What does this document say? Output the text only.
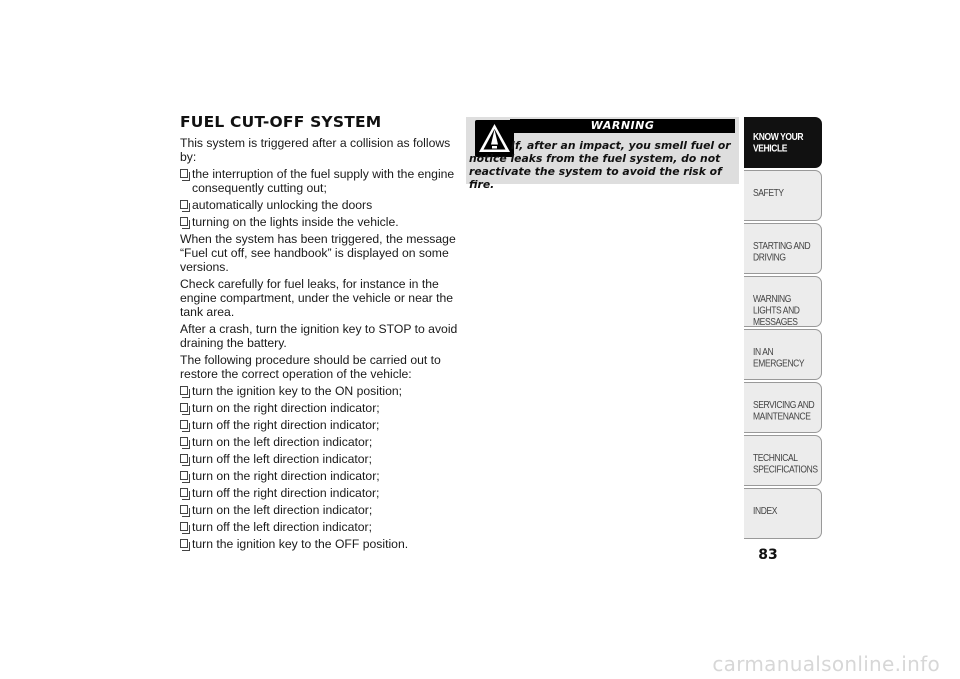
FUEL CUT-OFF SYSTEM

This system is triggered after a collision as follows by:

the interruption of the fuel supply with the engine consequently cutting out;
automatically unlocking the doors
turning on the lights inside the vehicle.

When the system has been triggered, the message “Fuel cut off, see handbook” is displayed on some versions.

Check carefully for fuel leaks, for instance in the engine compartment, under the vehicle or near the tank area.

After a crash, turn the ignition key to STOP to avoid draining the battery.

The following procedure should be carried out to restore the correct operation of the vehicle:

turn the ignition key to the ON position;
turn on the right direction indicator;
turn off the right direction indicator;
turn on the left direction indicator;
turn off the left direction indicator;
turn on the right direction indicator;
turn off the right direction indicator;
turn on the left direction indicator;
turn off the left direction indicator;
turn the ignition key to the OFF position.
WARNING
If, after an impact, you smell fuel or notice leaks from the fuel system, do not reactivate the system to avoid the risk of fire.
KNOW YOUR VEHICLE
SAFETY
STARTING AND DRIVING
WARNING LIGHTS AND MESSAGES
IN AN EMERGENCY
SERVICING AND MAINTENANCE
TECHNICAL SPECIFICATIONS
INDEX
83
carmanualsonline.info
